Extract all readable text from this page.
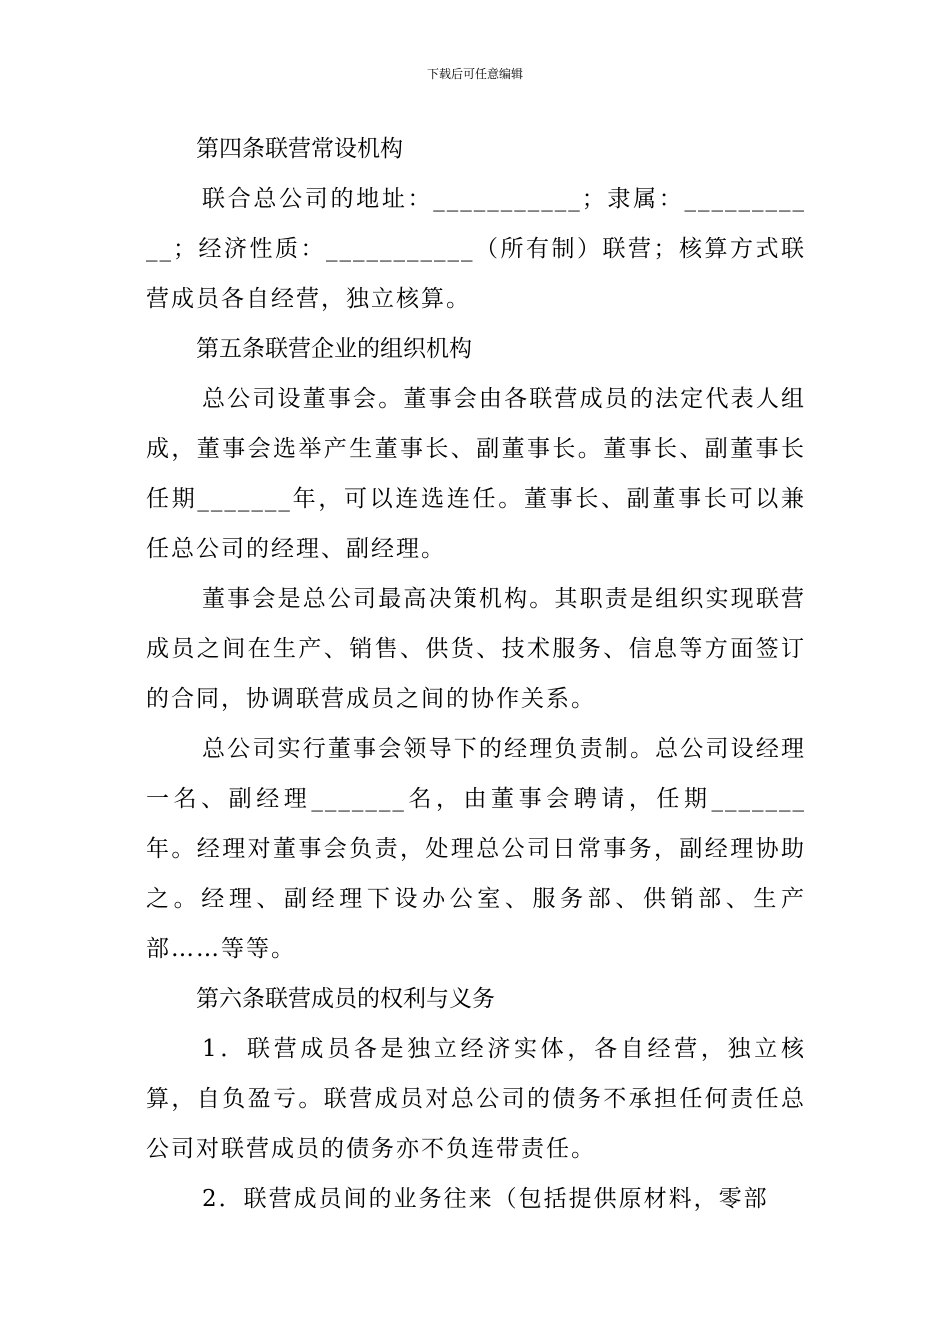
下载后可任意编辑
第四条联营常设机构

联合总公司的地址：___________；隶属：___________；经济性质：___________（所有制）联营；核算方式联营成员各自经营，独立核算。

第五条联营企业的组织机构

总公司设董事会。董事会由各联营成员的法定代表人组成，董事会选举产生董事长、副董事长。董事长、副董事长任期_______年，可以连选连任。董事长、副董事长可以兼任总公司的经理、副经理。

董事会是总公司最高决策机构。其职责是组织实现联营成员之间在生产、销售、供货、技术服务、信息等方面签订的合同，协调联营成员之间的协作关系。

总公司实行董事会领导下的经理负责制。总公司设经理一名、副经理_______名，由董事会聘请，任期_______年。经理对董事会负责，处理总公司日常事务，副经理协助之。经理、副经理下设办公室、服务部、供销部、生产部……等等。

第六条联营成员的权利与义务

1．联营成员各是独立经济实体，各自经营，独立核算，自负盈亏。联营成员对总公司的债务不承担任何责任总公司对联营成员的债务亦不负连带责任。

2．联营成员间的业务往来（包括提供原材料，零部
